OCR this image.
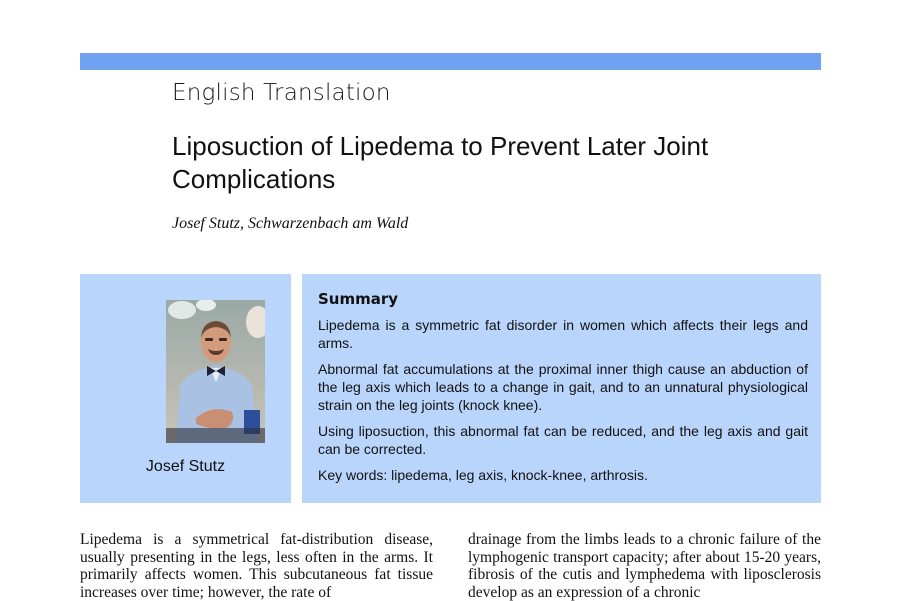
English Translation
Liposuction of Lipedema to Prevent Later Joint Complications
Josef Stutz, Schwarzenbach am Wald
Josef Stutz
Summary

Lipedema is a symmetric fat disorder in women which affects their legs and arms.

Abnormal fat accumulations at the proximal inner thigh cause an abduction of the leg axis which leads to a change in gait, and to an unnatural physiological strain on the leg joints (knock knee).

Using liposuction, this abnormal fat can be reduced, and the leg axis and gait can be corrected.

Key words: lipedema, leg axis, knock-knee, arthrosis.

Lipedema is a symmetrical fat-distribution disease, usually presenting in the legs, less often in the arms. It primarily affects women. This subcutaneous fat tissue increases over time; however, the rate of
drainage from the limbs leads to a chronic failure of the lymphogenic transport capacity; after about 15-20 years, fibrosis of the cutis and lymphedema with liposclerosis develop as an expression of a chronic
